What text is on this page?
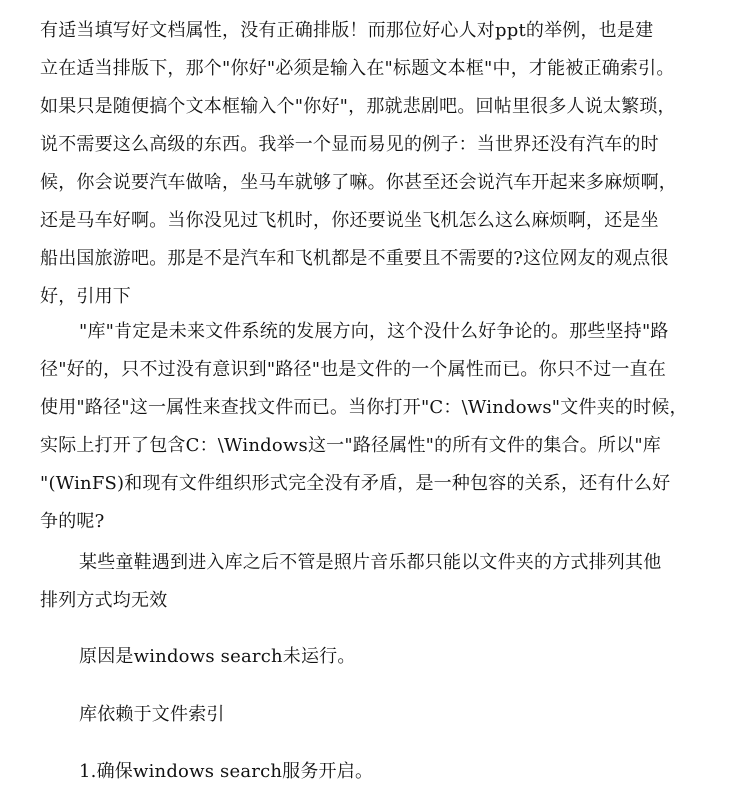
有适当填写好文档属性，没有正确排版！而那位好心人对ppt的举例，也是建
立在适当排版下，那个"你好"必须是输入在"标题文本框"中，才能被正确索引。
如果只是随便搞个文本框输入个"你好"，那就悲剧吧。回帖里很多人说太繁琐，
说不需要这么高级的东西。我举一个显而易见的例子：当世界还没有汽车的时
候，你会说要汽车做啥，坐马车就够了嘛。你甚至还会说汽车开起来多麻烦啊，
还是马车好啊。当你没见过飞机时，你还要说坐飞机怎么这么麻烦啊，还是坐
船出国旅游吧。那是不是汽车和飞机都是不重要且不需要的?这位网友的观点很
好，引用下
"库"肯定是未来文件系统的发展方向，这个没什么好争论的。那些坚持"路
径"好的，只不过没有意识到"路径"也是文件的一个属性而已。你只不过一直在
使用"路径"这一属性来查找文件而已。当你打开"C：\Windows"文件夹的时候，
实际上打开了包含C：\Windows这一"路径属性"的所有文件的集合。所以"库
"(WinFS)和现有文件组织形式完全没有矛盾，是一种包容的关系，还有什么好
争的呢?
某些童鞋遇到进入库之后不管是照片音乐都只能以文件夹的方式排列其他
排列方式均无效
原因是windows search未运行。
库依赖于文件索引
1.确保windows search服务开启。
